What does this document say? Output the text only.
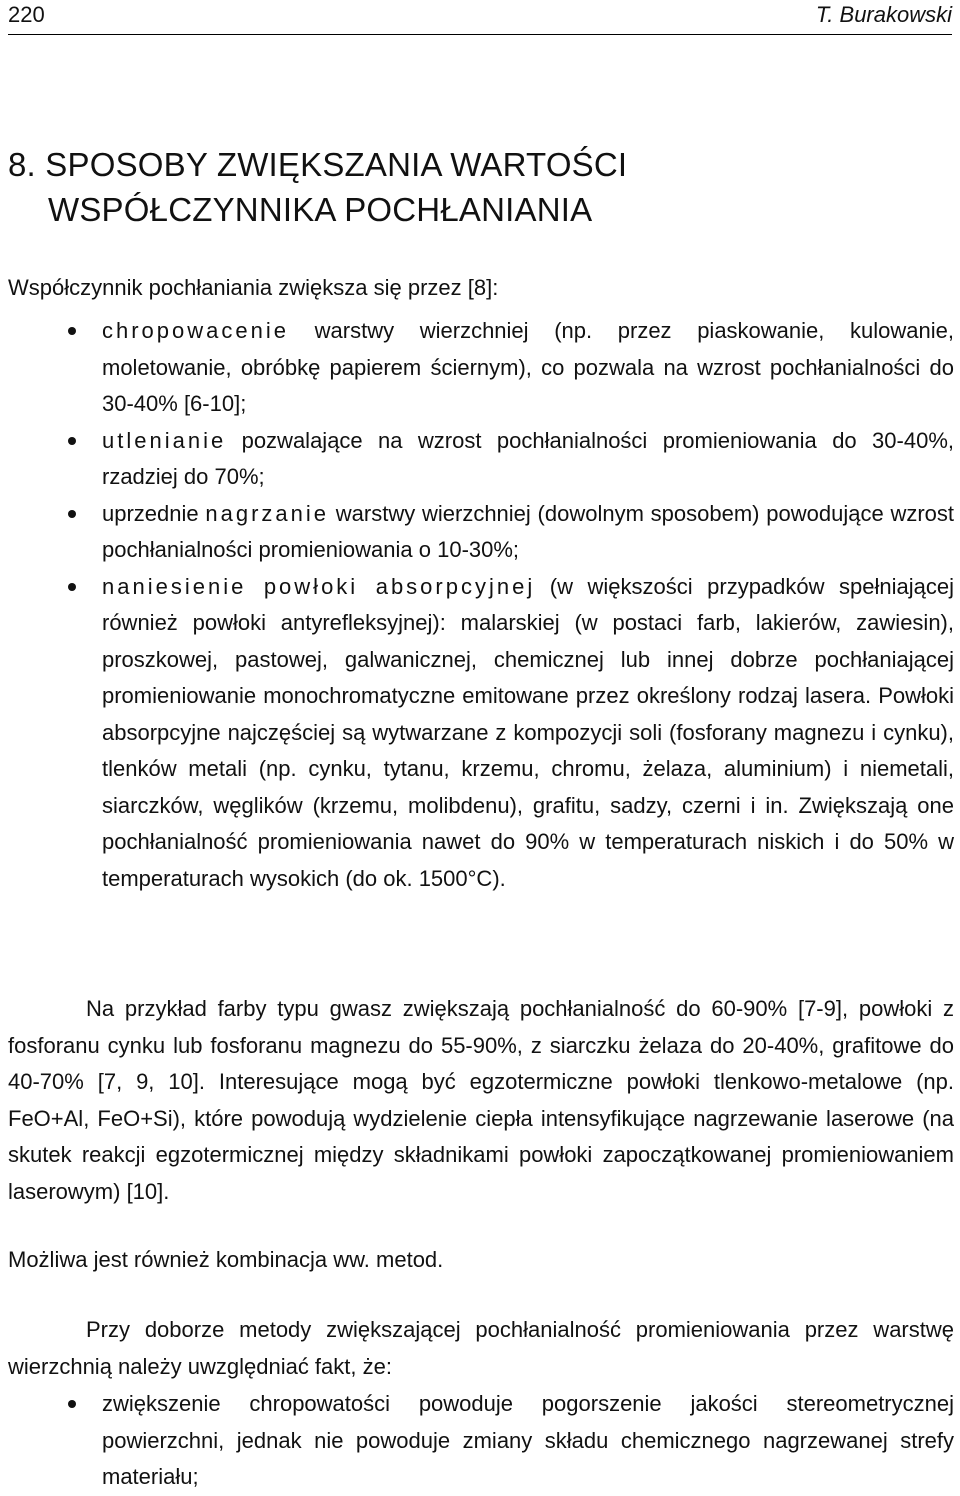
220	T. Burakowski
8. SPOSOBY ZWIĘKSZANIA WARTOŚCI
WSPÓŁCZYNNIKA POCHŁANIANIA

Współczynnik pochłaniania zwiększa się przez [8]:

chropowacenie warstwy wierzchniej (np. przez piaskowanie, kulowanie, moletowanie, obróbkę papierem ściernym), co pozwala na wzrost pochłanialności do 30-40% [6-10];
utlenianie pozwalające na wzrost pochłanialności promieniowania do 30-40%, rzadziej do 70%;
uprzednie nagrzanie warstwy wierzchniej (dowolnym sposobem) powodujące wzrost pochłanialności promieniowania o 10-30%;
naniesienie powłoki absorpcyjnej (w większości przypadków spełniającej również powłoki antyrefleksyjnej): malarskiej (w postaci farb, lakierów, zawiesin), proszkowej, pastowej, galwanicznej, chemicznej lub innej dobrze pochłaniającej promieniowanie monochromatyczne emitowane przez określony rodzaj lasera. Powłoki absorpcyjne najczęściej są wytwarzane z kompozycji soli (fosforany magnezu i cynku), tlenków metali (np. cynku, tytanu, krzemu, chromu, żelaza, aluminium) i niemetali, siarczków, węglików (krzemu, molibdenu), grafitu, sadzy, czerni i in. Zwiększają one pochłanialność promieniowania nawet do 90% w temperaturach niskich i do 50% w temperaturach wysokich (do ok. 1500°C).

Na przykład farby typu gwasz zwiększają pochłanialność do 60-90% [7-9], powłoki z fosforanu cynku lub fosforanu magnezu do 55-90%, z siarczku żelaza do 20-40%, grafitowe do 40-70% [7, 9, 10]. Interesujące mogą być egzotermiczne powłoki tlenkowo-metalowe (np. FeO+Al, FeO+Si), które powodują wydzielenie ciepła intensyfikujące nagrzewanie laserowe (na skutek reakcji egzotermicznej między składnikami powłoki zapoczątkowanej promieniowaniem laserowym) [10].

Możliwa jest również kombinacja ww. metod.

Przy doborze metody zwiększającej pochłanialność promieniowania przez warstwę wierzchnią należy uwzględniać fakt, że:

zwiększenie chropowatości powoduje pogorszenie jakości stereometrycznej powierzchni, jednak nie powoduje zmiany składu chemicznego nagrzewanej strefy materiału;
